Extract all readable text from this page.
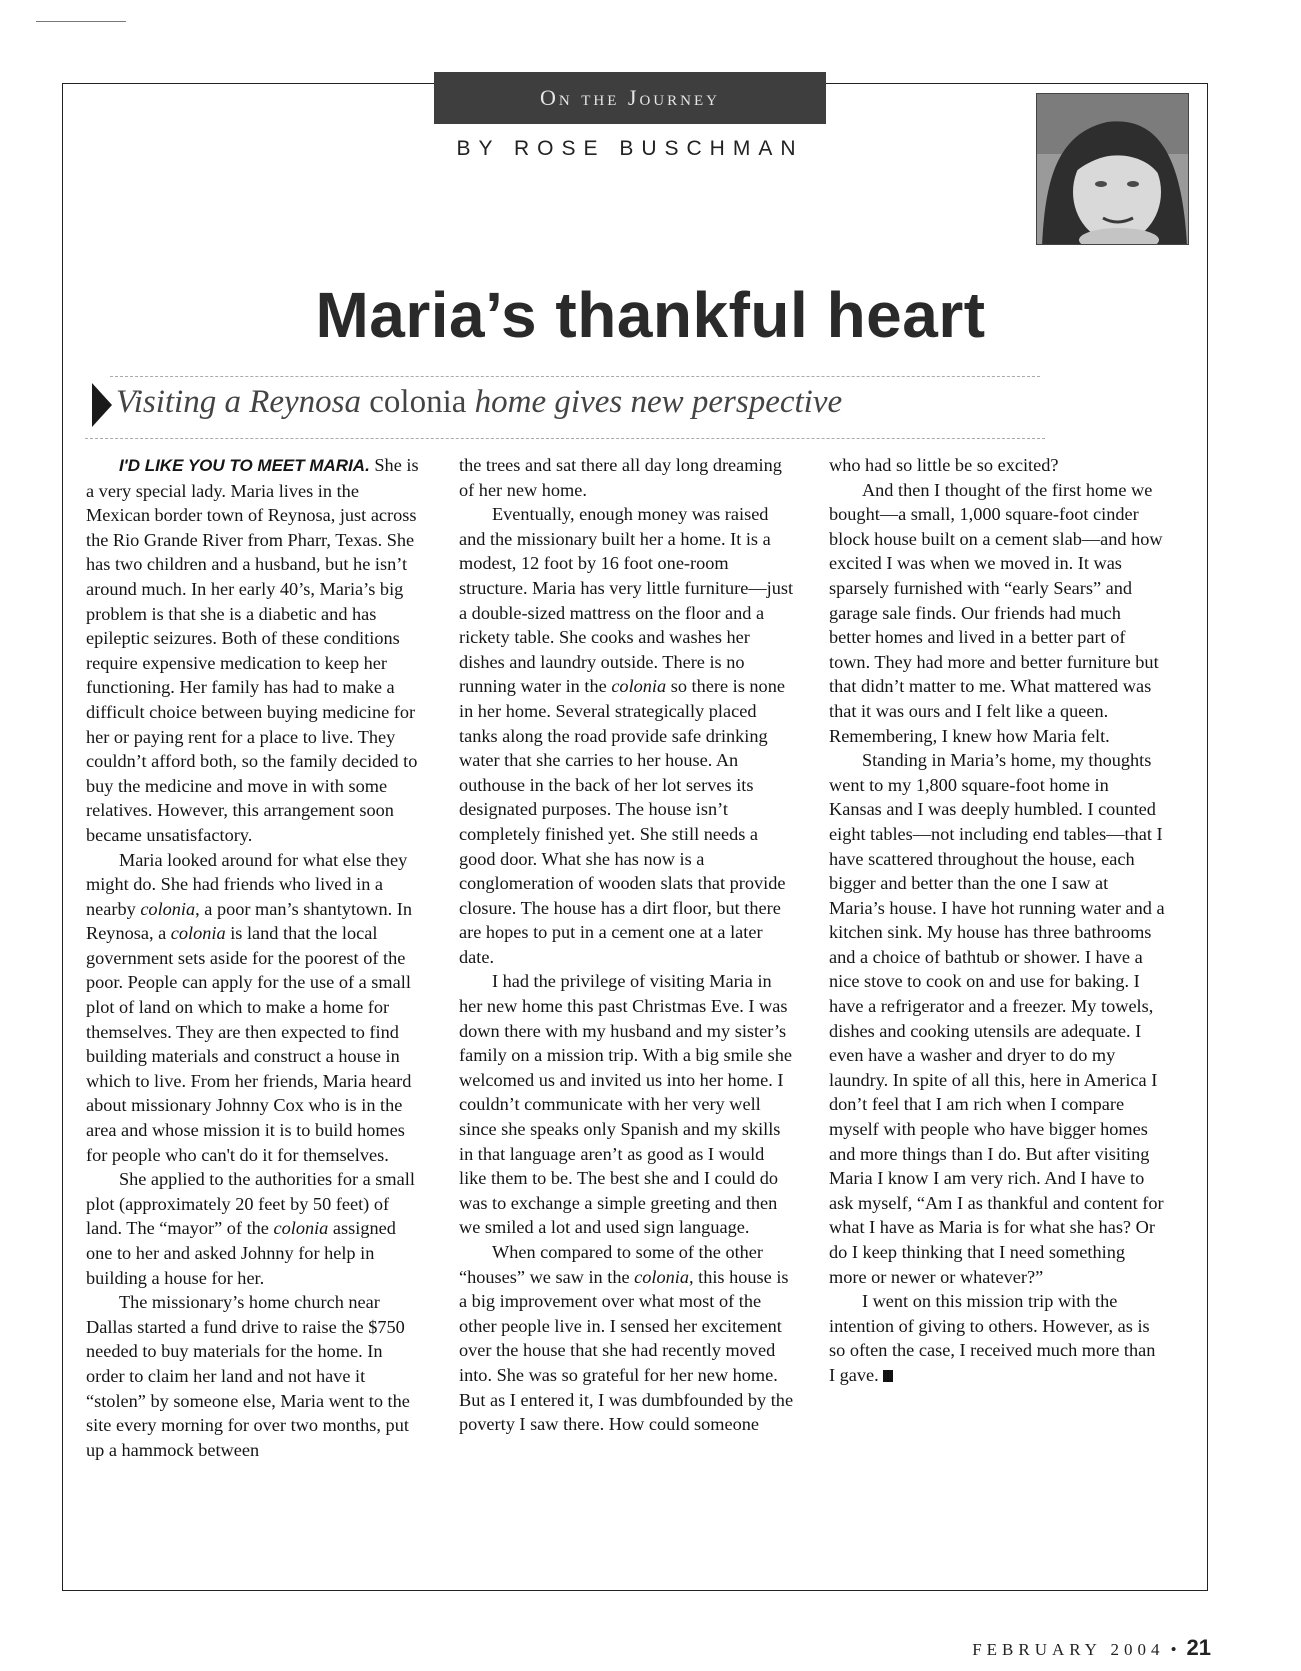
On the Journey
BY ROSE BUSCHMAN
Maria’s thankful heart

Visiting a Reynosa colonia home gives new perspective

I'D LIKE YOU TO MEET MARIA. She is a very special lady. Maria lives in the Mexican border town of Reynosa, just across the Rio Grande River from Pharr, Texas. She has two children and a husband, but he isn’t around much. In her early 40’s, Maria’s big problem is that she is a diabetic and has epileptic seizures. Both of these conditions require expensive medication to keep her functioning. Her family has had to make a difficult choice between buying medicine for her or paying rent for a place to live. They couldn’t afford both, so the family decided to buy the medicine and move in with some relatives. However, this arrangement soon became unsatisfactory.

Maria looked around for what else they might do. She had friends who lived in a nearby colonia, a poor man’s shantytown. In Reynosa, a colonia is land that the local government sets aside for the poorest of the poor. People can apply for the use of a small plot of land on which to make a home for themselves. They are then expected to find building materials and construct a house in which to live. From her friends, Maria heard about missionary Johnny Cox who is in the area and whose mission it is to build homes for people who can't do it for themselves.

She applied to the authorities for a small plot (approximately 20 feet by 50 feet) of land. The “mayor” of the colonia assigned one to her and asked Johnny for help in building a house for her.

The missionary’s home church near Dallas started a fund drive to raise the $750 needed to buy materials for the home. In order to claim her land and not have it “stolen” by someone else, Maria went to the site every morning for over two months, put up a hammock between

the trees and sat there all day long dreaming of her new home.

Eventually, enough money was raised and the missionary built her a home. It is a modest, 12 foot by 16 foot one-room structure. Maria has very little furniture—just a double-sized mattress on the floor and a rickety table. She cooks and washes her dishes and laundry outside. There is no running water in the colonia so there is none in her home. Several strategically placed tanks along the road provide safe drinking water that she carries to her house. An outhouse in the back of her lot serves its designated purposes. The house isn’t completely finished yet. She still needs a good door. What she has now is a conglomeration of wooden slats that provide closure. The house has a dirt floor, but there are hopes to put in a cement one at a later date.

I had the privilege of visiting Maria in her new home this past Christmas Eve. I was down there with my husband and my sister’s family on a mission trip. With a big smile she welcomed us and invited us into her home. I couldn’t communicate with her very well since she speaks only Spanish and my skills in that language aren’t as good as I would like them to be. The best she and I could do was to exchange a simple greeting and then we smiled a lot and used sign language.

When compared to some of the other “houses” we saw in the colonia, this house is a big improvement over what most of the other people live in. I sensed her excitement over the house that she had recently moved into. She was so grateful for her new home. But as I entered it, I was dumbfounded by the poverty I saw there. How could someone

who had so little be so excited?

And then I thought of the first home we bought—a small, 1,000 square-foot cinder block house built on a cement slab—and how excited I was when we moved in. It was sparsely furnished with “early Sears” and garage sale finds. Our friends had much better homes and lived in a better part of town. They had more and better furniture but that didn’t matter to me. What mattered was that it was ours and I felt like a queen. Remembering, I knew how Maria felt.

Standing in Maria’s home, my thoughts went to my 1,800 square-foot home in Kansas and I was deeply humbled. I counted eight tables—not including end tables—that I have scattered throughout the house, each bigger and better than the one I saw at Maria’s house. I have hot running water and a kitchen sink. My house has three bathrooms and a choice of bathtub or shower. I have a nice stove to cook on and use for baking. I have a refrigerator and a freezer. My towels, dishes and cooking utensils are adequate. I even have a washer and dryer to do my laundry. In spite of all this, here in America I don’t feel that I am rich when I compare myself with people who have bigger homes and more things than I do. But after visiting Maria I know I am very rich. And I have to ask myself, “Am I as thankful and content for what I have as Maria is for what she has? Or do I keep thinking that I need something more or newer or whatever?”

I went on this mission trip with the intention of giving to others. However, as is so often the case, I received much more than I gave.

FEBRUARY 2004 • 21
